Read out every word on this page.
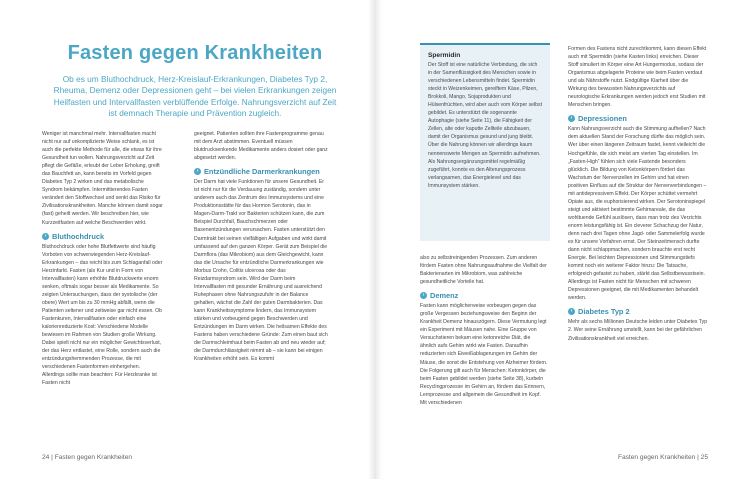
Fasten gegen Krankheiten

Ob es um Bluthochdruck, Herz-Kreislauf-Erkrankungen, Diabetes Typ 2, Rheuma, Demenz oder Depressionen geht – bei vielen Erkrankungen zeigen Heilfasten und Intervallfasten verblüffende Erfolge. Nahrungsverzicht auf Zeit ist demnach Therapie und Prävention zugleich.

Weniger ist manchmal mehr. Intervallfasten macht nicht nur auf unkomplizierte Weise schlank, es ist auch die perfekte Methode für alle, die etwas für ihre Gesundheit tun wollen. Nahrungsverzicht auf Zeit pflegt die Gefäße, erleubt der Leber Erholung, greift das Bauchfett an, kann bereits im Vorfeld gegen Diabetes Typ 2 wirken und das metabolische Syndrom bekämpfen. Intermittierendes Fasten verändert den Stoffwechsel und senkt das Risiko für Zivilisationskrankheiten. Manche können damit sogar (fast) geheilt werden. Wir beschreiben hier, wie Kurzzeitfasten auf welche Beschwerden wirkt.

› Bluthochdruck

Bluthochdruck oder hohe Blutfettwerte sind häufig Vorboten von schwerwiegenden Herz-Kreislauf-Erkrankungen – das reicht bis zum Schlaganfall oder Herzinfarkt. Fasten (als Kur und in Form von Intervallfasten) kann erhöhte Blutdruckwerte enorm senken, oftmals sogar besser als Medikamente. So zeigten Untersuchungen, dass der systolische (der obere) Wert um bis zu 30 mmHg abfällt, wenn die Patienten seltener und zeitweise gar nicht essen. Ob Fastenkuren, Intervallfasten oder einfach eine kalorienreduzierte Kost: Verschiedene Modelle bewiesen im Rahmen von Studien große Wirkung. Dabei spielt nicht nur ein möglicher Gewichtsverlust, der das Herz entlastet, eine Rolle, sondern auch die entzündungshemmenden Prozesse, die mit verschiedenen Fastenformen einhergehen. Allerdings sollte man beachten: Für Herzkranke ist Fasten nicht

geeignet. Patienten sollten ihre Fastenprogramme genau mit dem Arzt abstimmen. Eventuell müssen blutdrucksenkende Medikamente anders dosiert oder ganz abgesetzt werden.

› Entzündliche Darmerkrankungen

Der Darm hat viele Funktionen für unsere Gesundheit. Er ist nicht nur für die Verdauung zuständig, sondern unter anderem auch das Zentrum des Immunsystems und eine Produktionsstätte für das Hormon Serotonin, das in Magen-Darm-Trakt vor Bakterien schützen kann, die zum Beispiel Durchfall, Bauchschmerzen oder Basenentzündungen verursachen. Fasten unterstützt den Darmtrakt bei seinen vielfältigen Aufgaben und wirkt damit umfassend auf den ganzen Körper. Gerät zum Beispiel die Darmflora (das Mikrobiom) aus dem Gleichgewicht, kann das die Ursache für entzündliche Darmerkrankungen wie Morbus Crohn, Colitis ulcerosa oder das Reizdarmsyndrom sein. Wird der Darm beim Intervallfasten mit gesunder Ernährung und ausreichend Ruhephasen ohne Nahrungszufuhr in der Balance gehalten, wächst die Zahl der guten Darmbakterien. Das kann Krankheitssymptome lindern, das Immunsystem stärken und vorbeugend gegen Beschwerden und Entzündungen im Darm wirken. Die heilsamen Effekte des Fastens haben verschiedene Gründe: Zum einen baut sich die Darmschleimhaut beim Fasten ab und neu wieder auf; die Darmdurchlässigkeit nimmt ab – sie kann bei einigen Krankheiten erhöht sein. Es kommt

24 | Fasten gegen Krankheiten
Spermidin

Der Stoff ist eine natürliche Verbindung, die sich in der Samenflüssigkeit des Menschen sowie in verschiedenen Lebensmitteln findet. Spermidin steckt in Weizenkeimen, gereiftem Käse, Pilzen, Brokkoli, Mango, Sojaprodukten und Hülsenfrüchten, wird aber auch vom Körper selbst gebildet. Es unterstützt die sogenannte Autophagie (siehe Seite 11), die Fähigkeit der Zellen, alte oder kaputte Zellteile abzubauen, damit der Organismus gesund und jung bleibt. Über die Nahrung können wir allerdings kaum nennenswerte Mengen an Spermidin aufnehmen. Als Nahrungsergänzungsmittel regelmäßig zugeführt, konnte es den Alterungsprozess verlangsamen, das Energielevel und das Immunsystem stärken.

also zu selbstreinigenden Prozessen. Zum anderen fördern Fasten ohne Nahrungsaufnahme die Vielfalt der Bakterienarten im Mikrobiom, was zahlreiche gesundheitliche Vorteile hat.

› Demenz

Fasten kann möglicherweise vorbeugen gegen das große Vergessen beziehungsweise den Beginn der Krankheit Demenz hinauszögern. Diese Vermutung legt ein Experiment mit Mäusen nahe. Eine Gruppe von Versuchstieren bekam eine ketonreiche Diät, die ähnlich aufs Gehirn wirkt wie Fasten. Daraufhin reduzierten sich Eiweißablagerungen im Gehirn der Mäuse, die sonst die Entstehung von Alzheimer fördern. Die Folgerung gilt auch für Menschen: Ketonkörper, die beim Fasten gebildet werden (siehe Seite 38), kurbeln Recyclingprozesse im Gehirn an, fördern das Erinnern, Lernprozesse und allgemein die Gesundheit im Kopf. Mit verschiedenen

Formen des Fastens nicht zurechtkommt, kann diesen Effekt auch mit Spermidin (siehe Kasten links) erreichen. Dieser Stoff simuliert im Körper eine Art Hungermodus, sodass der Organismus abgelagerte Proteine wie beim Fasten verdaut und als Nährstoffe nutzt. Endgültige Klarheit über die Wirkung des bewussten Nahrungsverzichts auf neurologische Erkrankungen werden jedoch erst Studien mit Menschen bringen.

› Depressionen

Kann Nahrungsverzicht auch die Stimmung aufhellen? Nach dem aktuellen Stand der Forschung dürfte das möglich sein. Wer über einen längeren Zeitraum fastet, kennt vielleicht die Hochgefühle, die sich meist am vierten Tag einstellen. Im „Fasten-High“ fühlen sich viele Fastende besonders glücklich. Die Bildung von Ketonkörpern fördert das Wachstum der Nervenzellen im Gehirn und hat einen positiven Einfluss auf die Struktur der Nervenverbindungen – mit antidepressivem Effekt. Der Körper schüttet vermehrt Opiate aus, die euphorisierend wirken. Der Serotoninspiegel steigt und aktiviert bestimmte Gehirnareale, die das wohltuende Gefühl auslösen, dass man trotz des Verzichts enorm leistungsfähig ist. Ein cleverer Schachzug der Natur, denn nach drei Tagen ohne Jagd- oder Sammelerfolg wurde es für unsere Vorfahren ernst. Der Steinzeitmensch durfte dann nicht schlappmachen, sondern brauchte erst recht Energie. Bei leichten Depressionen und Stimmungstiefs kommt noch ein weiterer Faktor hinzu: Die Tatsache, erfolgreich gefastet zu haben, stärkt das Selbstbewusstsein. Allerdings ist Fasten nicht für Menschen mit schweren Depressionen geeignet, die mit Medikamenten behandelt werden.

› Diabetes Typ 2

Mehr als sechs Millionen Deutsche leiden unter Diabetes Typ 2. Wer seine Ernährung umstellt, kann bei der gefährlichen Zivilisationskrankheit viel erreichen.

Fasten gegen Krankheiten | 25
